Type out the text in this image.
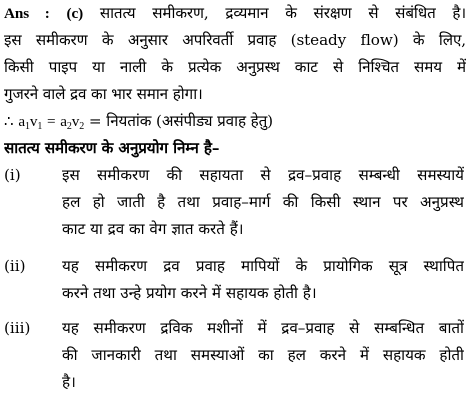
Ans : (c) सातत्य समीकरण, द्रव्यमान के संरक्षण से संबंधित है।
इस समीकरण के अनुसार अपरिवर्ती प्रवाह (steady flow) के लिए,
किसी पाइप या नाली के प्रत्येक अनुप्रस्थ काट से निश्चित समय में
गुजरने वाले द्रव का भार समान होगा।
∴ $a_1v_1 = a_2v_2$ = नियतांक (असंपीड्य प्रवाह हेतु)
सातत्य समीकरण के अनुप्रयोग निम्न है–
(i)	इस समीकरण की सहायता से द्रव–प्रवाह सम्बन्धी समस्यायें
हल हो जाती है तथा प्रवाह–मार्ग की किसी स्थान पर अनुप्रस्थ
काट या द्रव का वेग ज्ञात करते हैं।
(ii) यह समीकरण द्रव प्रवाह मापियों के प्रायोगिक सूत्र स्थापित
करने तथा उन्हे प्रयोग करने में सहायक होती है।
(iii) यह समीकरण द्रविक मशीनों में द्रव–प्रवाह से सम्बन्धित बातों
की जानकारी तथा समस्याओं का हल करने में सहायक होती
है।
